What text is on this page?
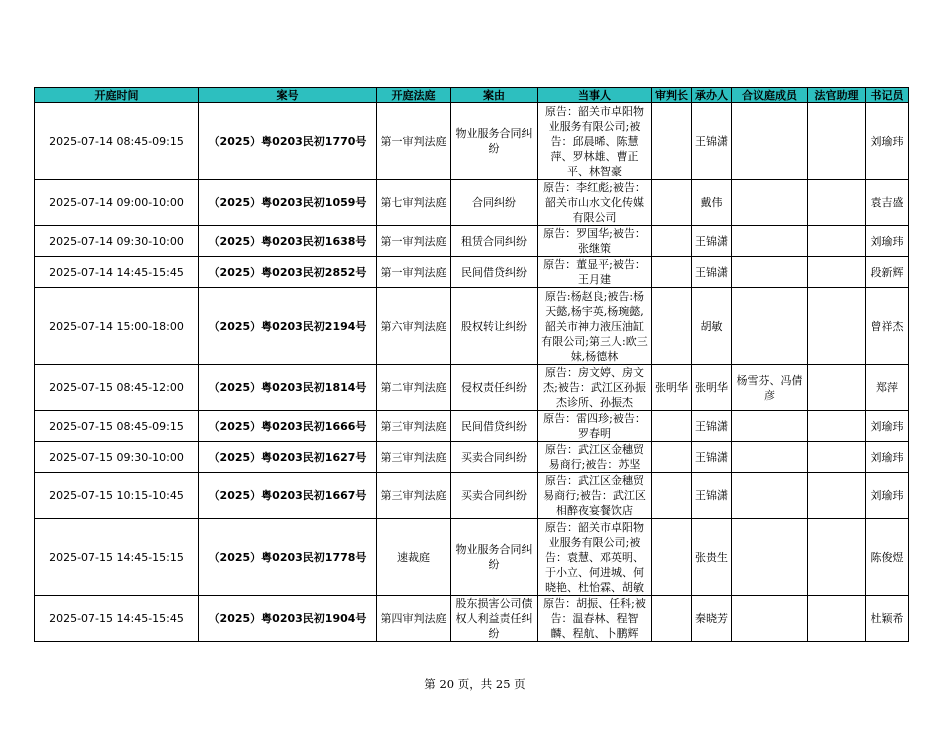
开庭时间	案号	开庭法庭	案由	当事人	审判长	承办人	合议庭成员	法官助理	书记员
2025-07-14 08:45-09:15	（2025）粤0203民初1770号	第一审判法庭	物业服务合同纠纷	原告：韶关市卓阳物业服务有限公司;被告：邱晨晞、陈慧萍、罗林雄、曹正平、林智豪		王锦潇			刘瑜玮
2025-07-14 09:00-10:00	（2025）粤0203民初1059号	第七审判法庭	合同纠纷	原告：李红彪;被告：韶关市山水文化传媒有限公司		戴伟			袁吉盛
2025-07-14 09:30-10:00	（2025）粤0203民初1638号	第一审判法庭	租赁合同纠纷	原告：罗国华;被告：张继策		王锦潇			刘瑜玮
2025-07-14 14:45-15:45	（2025）粤0203民初2852号	第一审判法庭	民间借贷纠纷	原告：董显平;被告：王月建		王锦潇			段新辉
2025-07-14 15:00-18:00	（2025）粤0203民初2194号	第六审判法庭	股权转让纠纷	原告:杨赵良;被告:杨天懿,杨宇英,杨琬懿,韶关市神力液压油缸有限公司;第三人:欧三妹,杨德林		胡敏			曾祥杰
2025-07-15 08:45-12:00	（2025）粤0203民初1814号	第二审判法庭	侵权责任纠纷	原告：房文婷、房文杰;被告：武江区孙振杰诊所、孙振杰	张明华	张明华	杨雪芬、冯倩彦		郑萍
2025-07-15 08:45-09:15	（2025）粤0203民初1666号	第三审判法庭	民间借贷纠纷	原告：雷四珍;被告：罗春明		王锦潇			刘瑜玮
2025-07-15 09:30-10:00	（2025）粤0203民初1627号	第三审判法庭	买卖合同纠纷	原告：武江区金穗贸易商行;被告：苏坚		王锦潇			刘瑜玮
2025-07-15 10:15-10:45	（2025）粤0203民初1667号	第三审判法庭	买卖合同纠纷	原告：武江区金穗贸易商行;被告：武江区相醉夜宴餐饮店		王锦潇			刘瑜玮
2025-07-15 14:45-15:15	（2025）粤0203民初1778号	速裁庭	物业服务合同纠纷	原告：韶关市卓阳物业服务有限公司;被告：袁慧、邓英明、于小立、何进城、何晓艳、杜怡霖、胡敏		张贵生			陈俊煜
2025-07-15 14:45-15:45	（2025）粤0203民初1904号	第四审判法庭	股东损害公司债权人利益责任纠纷	原告：胡振、任科;被告：温春林、程智麟、程航、卜鹏辉		秦晓芳			杜颖希
第 20 页，共 25 页
